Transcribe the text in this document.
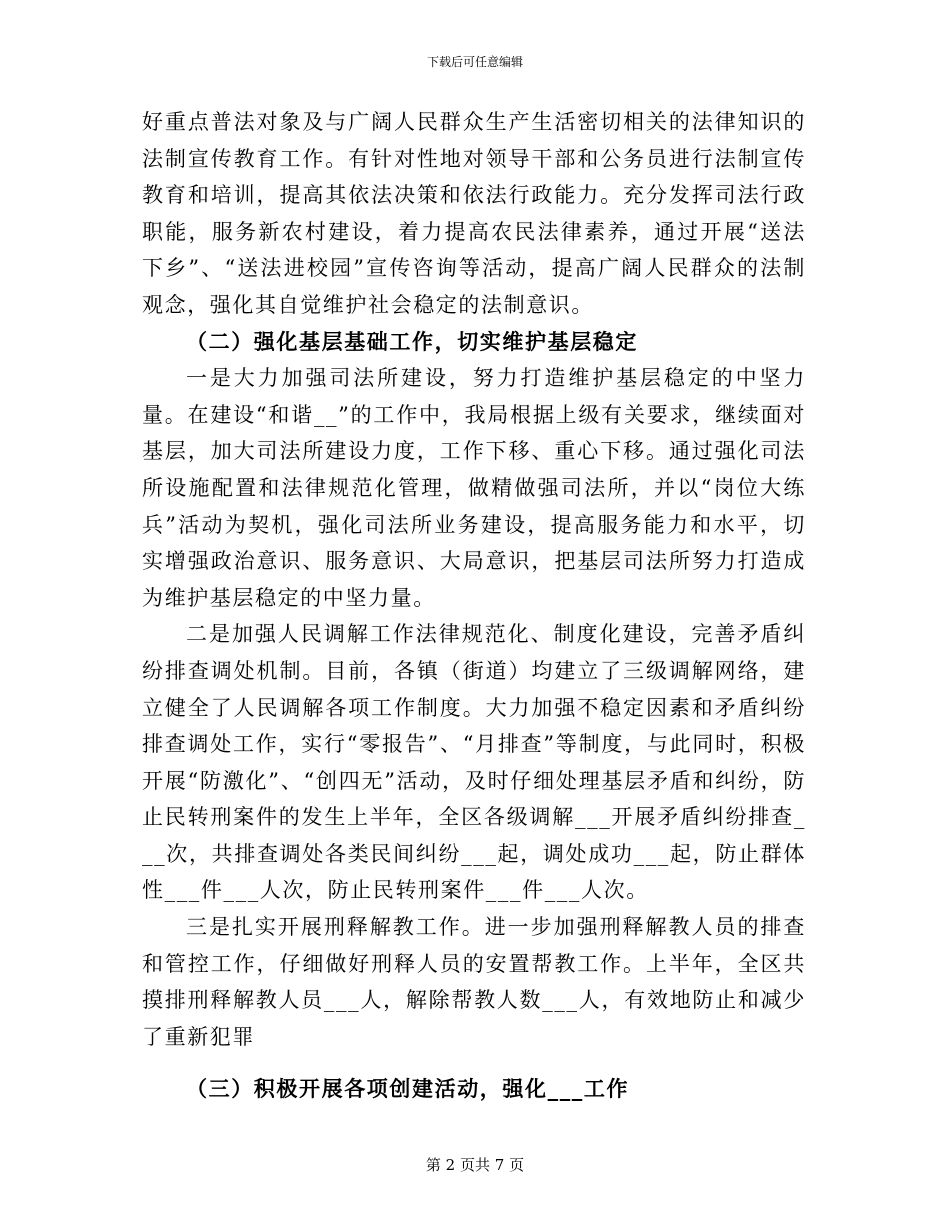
下载后可任意编辑

好重点普法对象及与广阔人民群众生产生活密切相关的法律知识的法制宣传教育工作。有针对性地对领导干部和公务员进行法制宣传教育和培训，提高其依法决策和依法行政能力。充分发挥司法行政职能，服务新农村建设，着力提高农民法律素养，通过开展“送法下乡”、“送法进校园”宣传咨询等活动，提高广阔人民群众的法制观念，强化其自觉维护社会稳定的法制意识。

（二）强化基层基础工作，切实维护基层稳定

一是大力加强司法所建设，努力打造维护基层稳定的中坚力量。在建设“和谐__”的工作中，我局根据上级有关要求，继续面对基层，加大司法所建设力度，工作下移、重心下移。通过强化司法所设施配置和法律规范化管理，做精做强司法所，并以“岗位大练兵”活动为契机，强化司法所业务建设，提高服务能力和水平，切实增强政治意识、服务意识、大局意识，把基层司法所努力打造成为维护基层稳定的中坚力量。

二是加强人民调解工作法律规范化、制度化建设，完善矛盾纠纷排查调处机制。目前，各镇（街道）均建立了三级调解网络，建立健全了人民调解各项工作制度。大力加强不稳定因素和矛盾纠纷排查调处工作，实行“零报告”、“月排查”等制度，与此同时，积极开展“防激化”、“创四无”活动，及时仔细处理基层矛盾和纠纷，防止民转刑案件的发生上半年，全区各级调解___开展矛盾纠纷排查___次，共排查调处各类民间纠纷___起，调处成功___起，防止群体性___件___人次，防止民转刑案件___件___人次。

三是扎实开展刑释解教工作。进一步加强刑释解教人员的排查和管控工作，仔细做好刑释人员的安置帮教工作。上半年，全区共摸排刑释解教人员___人，解除帮教人数___人，有效地防止和减少了重新犯罪

（三）积极开展各项创建活动，强化___工作

第 2 页共 7 页
